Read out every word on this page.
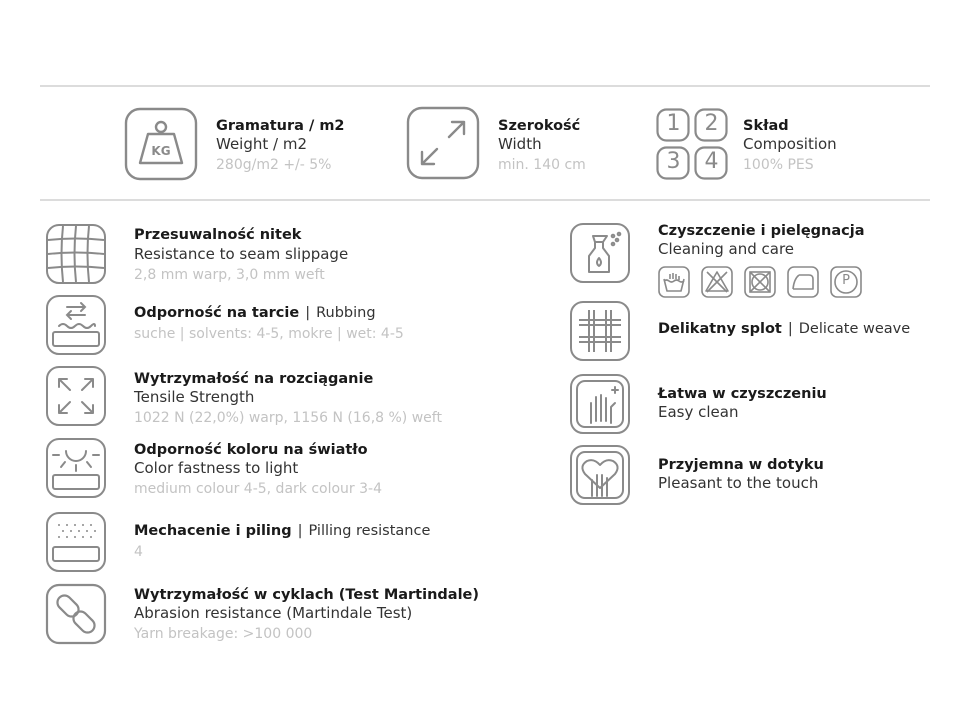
KG
Gramatura / m2
Weight / m2
280g/m2 +/- 5%
Szerokość
Width
min. 140 cm
1	2
3	4
Skład
Composition
100% PES
Przesuwalność nitek
Resistance to seam slippage
2,8 mm warp, 3,0 mm weft
Odporność na tarcie | Rubbing
suche | solvents: 4-5, mokre | wet: 4-5
Wytrzymałość na rozciąganie
Tensile Strength
1022 N (22,0%) warp, 1156 N (16,8 %) weft
Odporność koloru na światło
Color fastness to light
medium colour 4-5, dark colour 3-4
Mechacenie i piling | Pilling resistance
4
Wytrzymałość w cyklach (Test Martindale)
Abrasion resistance (Martindale Test)
Yarn breakage: >100 000
Czyszczenie i pielęgnacja
Cleaning and care
P
Delikatny splot | Delicate weave
Łatwa w czyszczeniu
Easy clean
Przyjemna w dotyku
Pleasant to the touch
